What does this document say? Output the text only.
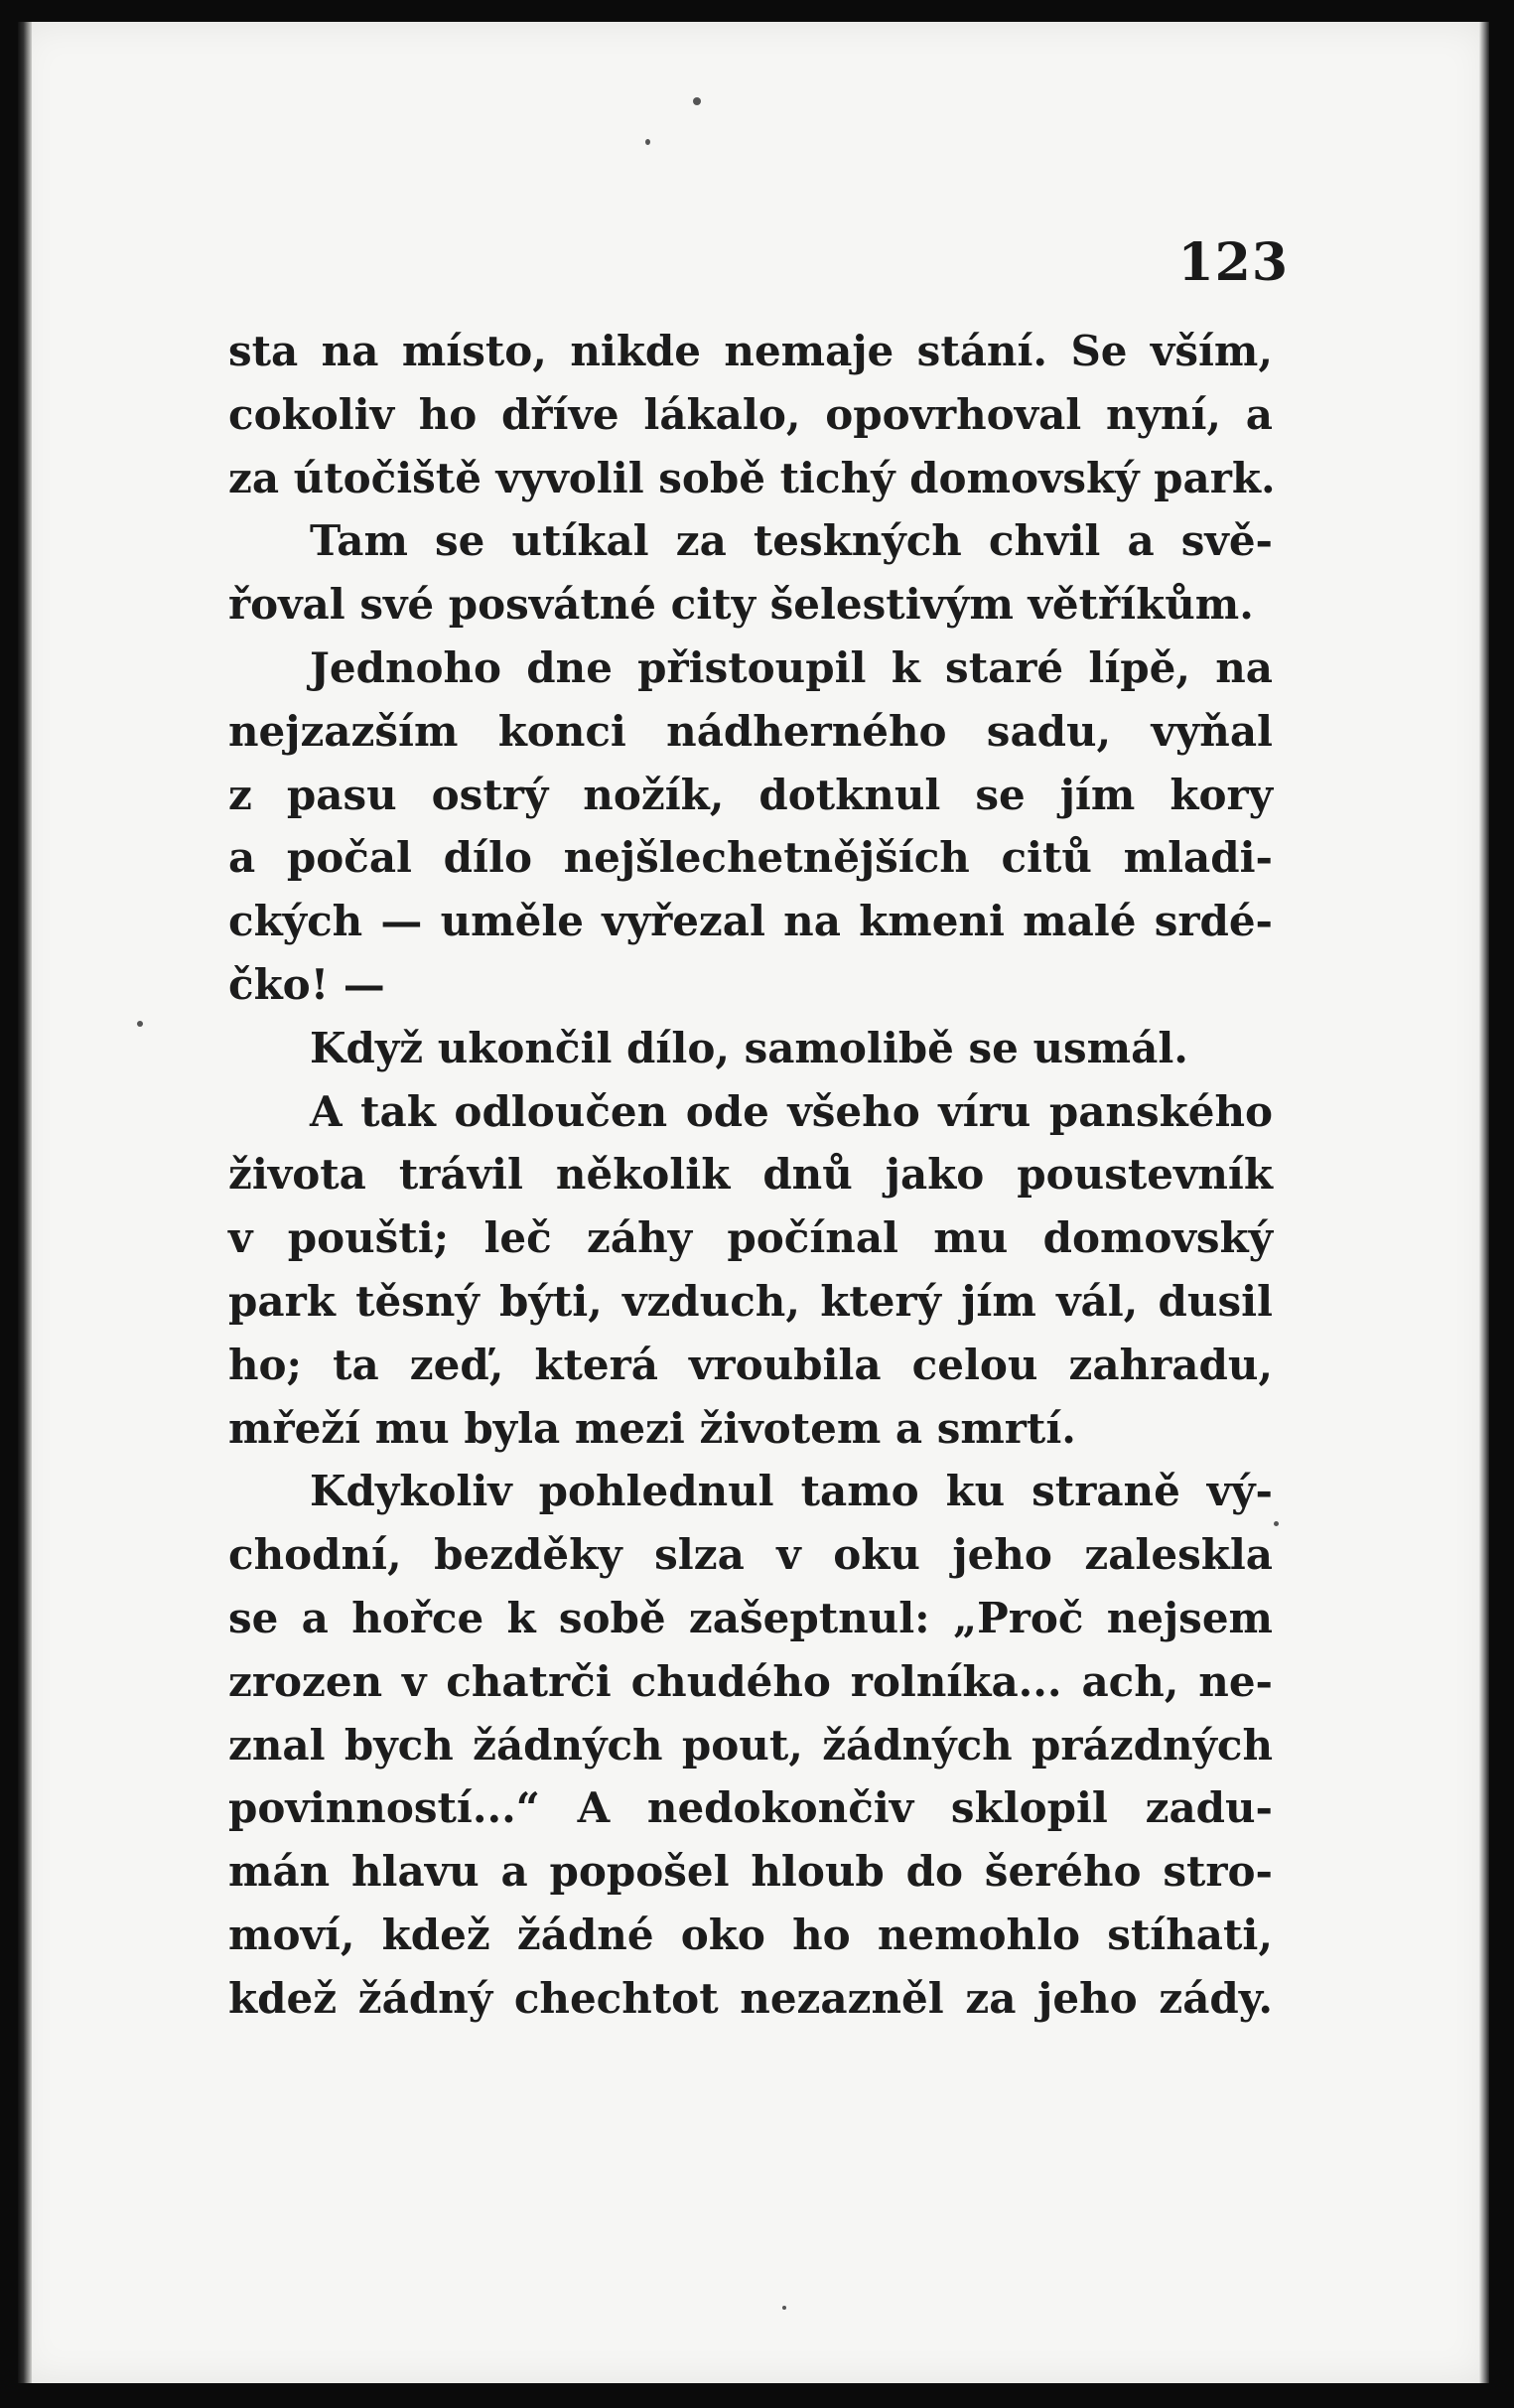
123
sta na místo, nikde nemaje stání. Se vším,
cokoliv ho dříve lákalo, opovrhoval nyní, a
za útočiště vyvolil sobě tichý domovský park.
Tam se utíkal za teskných chvil a svě-
řoval své posvátné city šelestivým větříkům.
Jednoho dne přistoupil k staré lípě, na
nejzazším konci nádherného sadu, vyňal
z pasu ostrý nožík, dotknul se jím kory
a počal dílo nejšlechetnějších citů mladi-
ckých — uměle vyřezal na kmeni malé srdé-
čko! —
Když ukončil dílo, samolibě se usmál.
A tak odloučen ode všeho víru panského
života trávil několik dnů jako poustevník
v poušti; leč záhy počínal mu domovský
park těsný býti, vzduch, který jím vál, dusil
ho; ta zeď, která vroubila celou zahradu,
mřeží mu byla mezi životem a smrtí.
Kdykoliv pohlednul tamo ku straně vý-
chodní, bezděky slza v oku jeho zaleskla
se a hořce k sobě zašeptnul: „Proč nejsem
zrozen v chatrči chudého rolníka... ach, ne-
znal bych žádných pout, žádných prázdných
povinností...“ A nedokončiv sklopil zadu-
mán hlavu a popošel hloub do šerého stro-
moví, kdež žádné oko ho nemohlo stíhati,
kdež žádný chechtot nezazněl za jeho zády.
